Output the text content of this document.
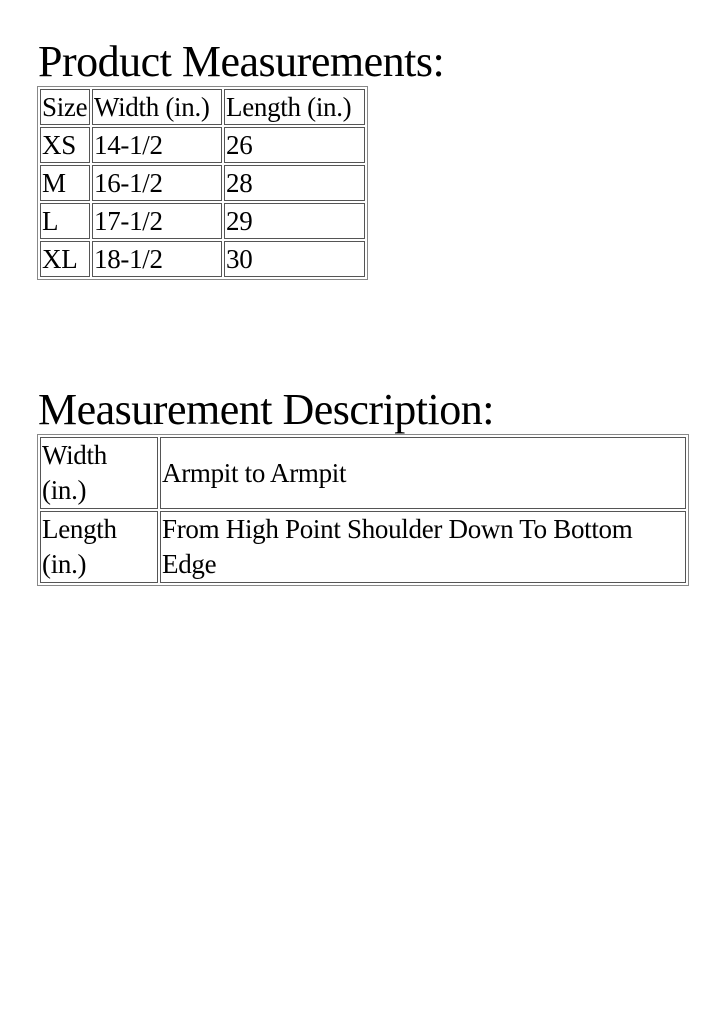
Product Measurements:
Size	Width (in.)	Length (in.)
XS	14-1/2	26
M	16-1/2	28
L	17-1/2	29
XL	18-1/2	30
Measurement Description:
Width
(in.)	Armpit to Armpit

Length
(in.)	From High Point Shoulder Down To Bottom Edge
